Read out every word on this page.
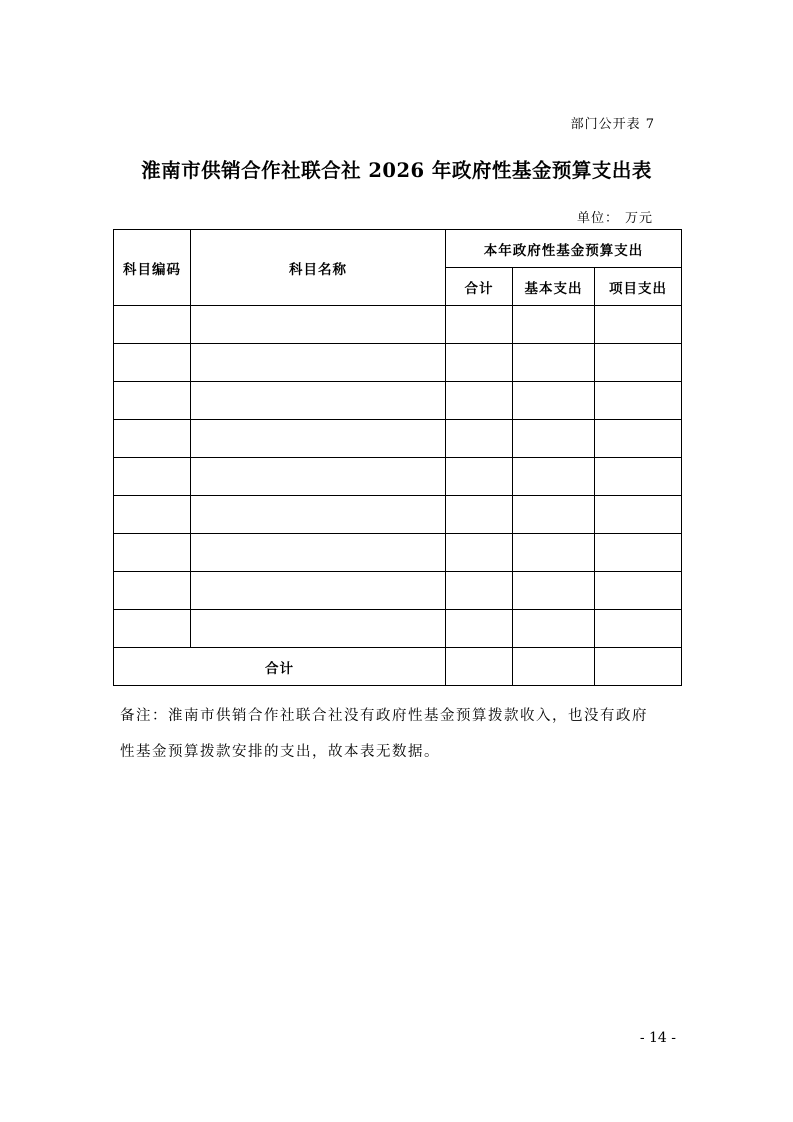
部门公开表 7
淮南市供销合作社联合社 2026 年政府性基金预算支出表
单位： 万元
科目编码	科目名称	本年政府性基金预算支出		
		合计	基本支出	项目支出

合计				
备注：淮南市供销合作社联合社没有政府性基金预算拨款收入，也没有政府
性基金预算拨款安排的支出，故本表无数据。
- 14 -
